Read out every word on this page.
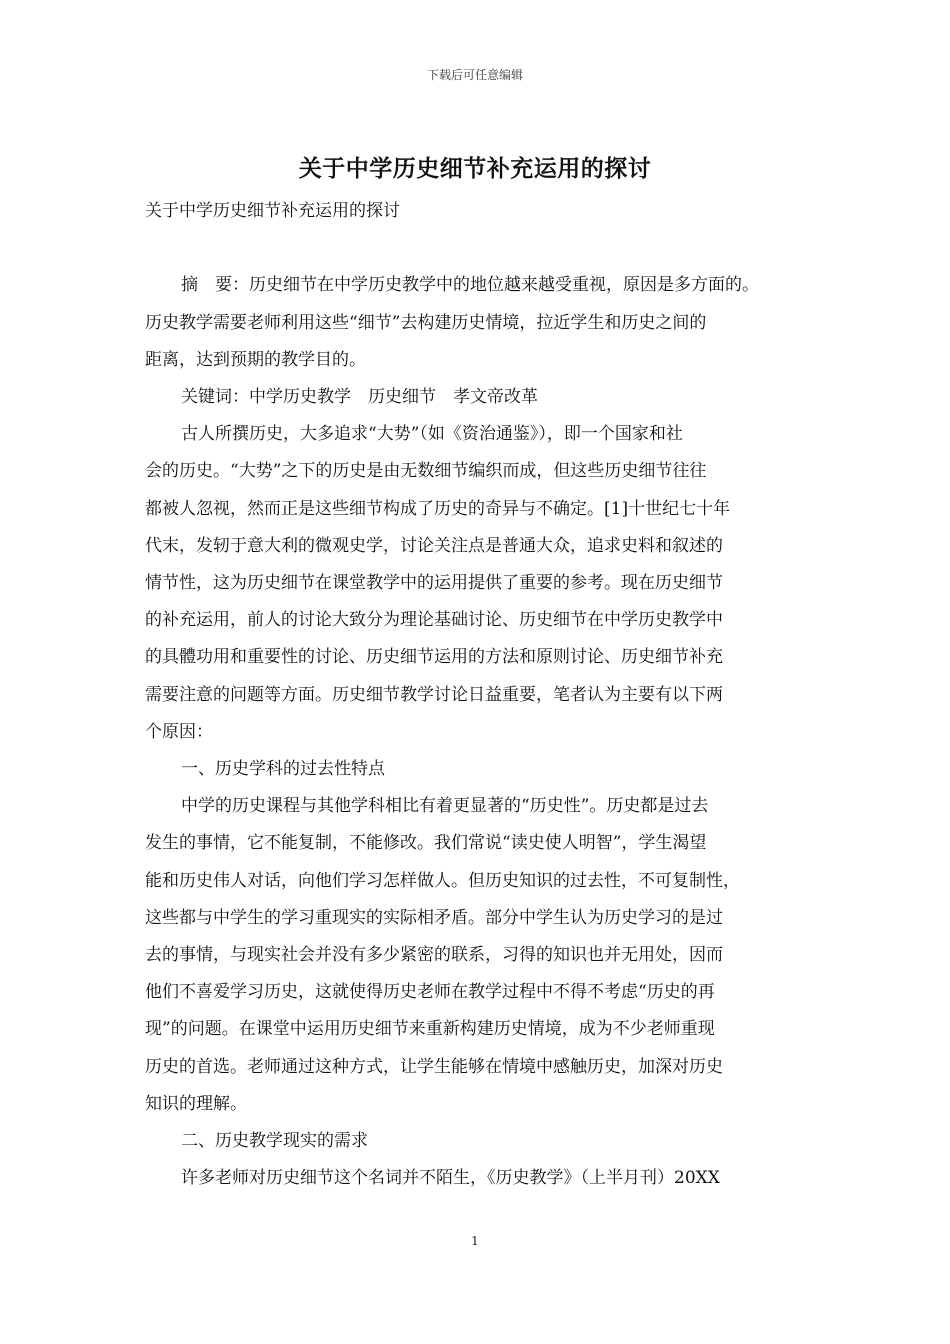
下载后可任意编辑
关于中学历史细节补充运用的探讨

关于中学历史细节补充运用的探讨

摘　要：历史细节在中学历史教学中的地位越来越受重视，原因是多方面的。

历史教学需要老师利用这些“细节”去构建历史情境，拉近学生和历史之间的

距离，达到预期的教学目的。

关键词：中学历史教学　历史细节　孝文帝改革

古人所撰历史，大多追求“大势”（如《资治通鉴》），即一个国家和社

会的历史。“大势”之下的历史是由无数细节编织而成，但这些历史细节往往

都被人忽视，然而正是这些细节构成了历史的奇异与不确定。[1]十世纪七十年

代末，发轫于意大利的微观史学，讨论关注点是普通大众，追求史料和叙述的

情节性，这为历史细节在课堂教学中的运用提供了重要的参考。现在历史细节

的补充运用，前人的讨论大致分为理论基础讨论、历史细节在中学历史教学中

的具體功用和重要性的讨论、历史细节运用的方法和原则讨论、历史细节补充

需要注意的问题等方面。历史细节教学讨论日益重要，笔者认为主要有以下两

个原因：

一、历史学科的过去性特点

中学的历史课程与其他学科相比有着更显著的“历史性”。历史都是过去

发生的事情，它不能复制，不能修改。我们常说“读史使人明智”，学生渴望

能和历史伟人对话，向他们学习怎样做人。但历史知识的过去性，不可复制性，

这些都与中学生的学习重现实的实际相矛盾。部分中学生认为历史学习的是过

去的事情，与现实社会并没有多少紧密的联系，习得的知识也并无用处，因而

他们不喜爱学习历史，这就使得历史老师在教学过程中不得不考虑“历史的再

现”的问题。在课堂中运用历史细节来重新构建历史情境，成为不少老师重现

历史的首选。老师通过这种方式，让学生能够在情境中感触历史，加深对历史

知识的理解。

二、历史教学现实的需求

许多老师对历史细节这个名词并不陌生，《历史教学》（上半月刊）20XX

1
